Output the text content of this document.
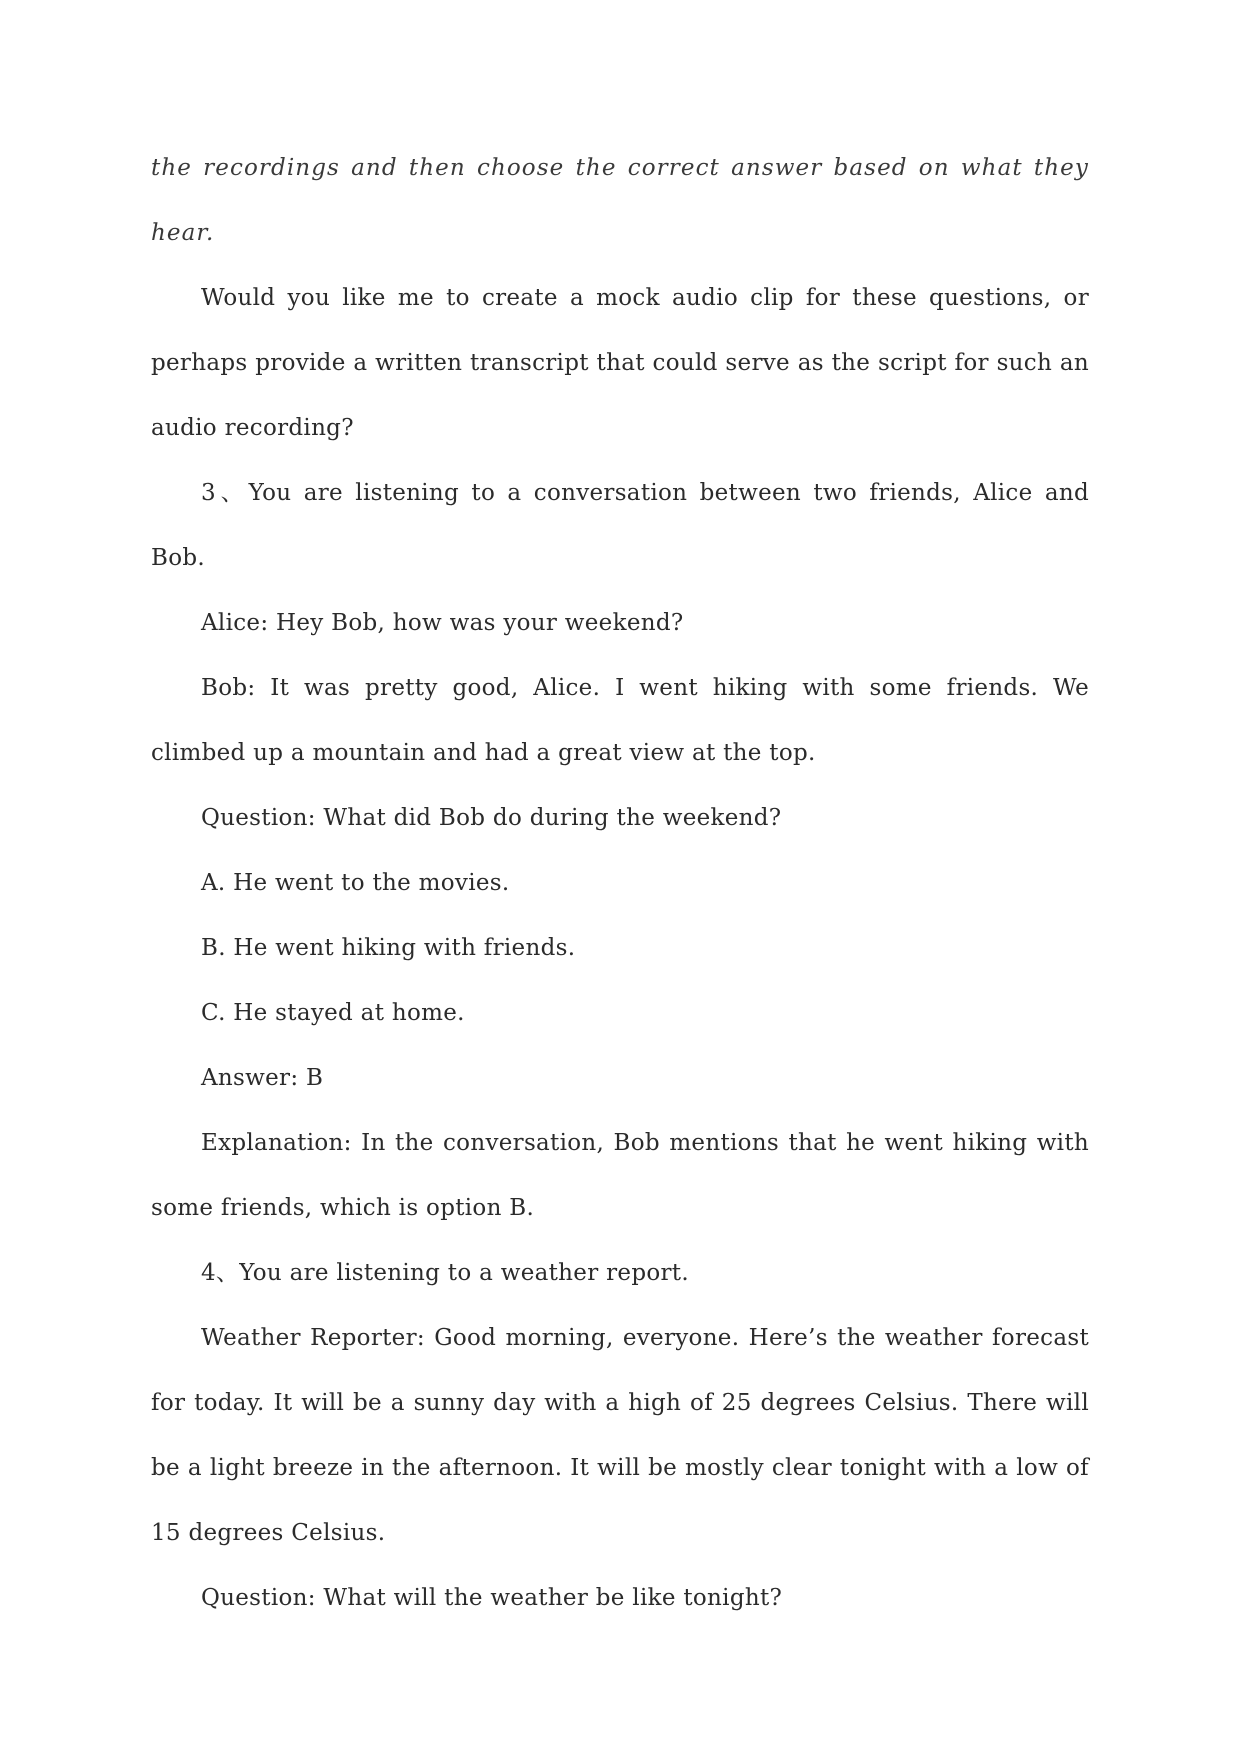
the recordings and then choose the correct answer based on what they hear.

Would you like me to create a mock audio clip for these questions, or perhaps provide a written transcript that could serve as the script for such an audio recording?

3、You are listening to a conversation between two friends, Alice and Bob.

Alice: Hey Bob, how was your weekend?

Bob: It was pretty good, Alice. I went hiking with some friends. We climbed up a mountain and had a great view at the top.

Question: What did Bob do during the weekend?

A. He went to the movies.

B. He went hiking with friends.

C. He stayed at home.

Answer: B

Explanation: In the conversation, Bob mentions that he went hiking with some friends, which is option B.

4、You are listening to a weather report.

Weather Reporter: Good morning, everyone. Here’s the weather forecast for today. It will be a sunny day with a high of 25 degrees Celsius. There will be a light breeze in the afternoon. It will be mostly clear tonight with a low of 15 degrees Celsius.

Question: What will the weather be like tonight?
